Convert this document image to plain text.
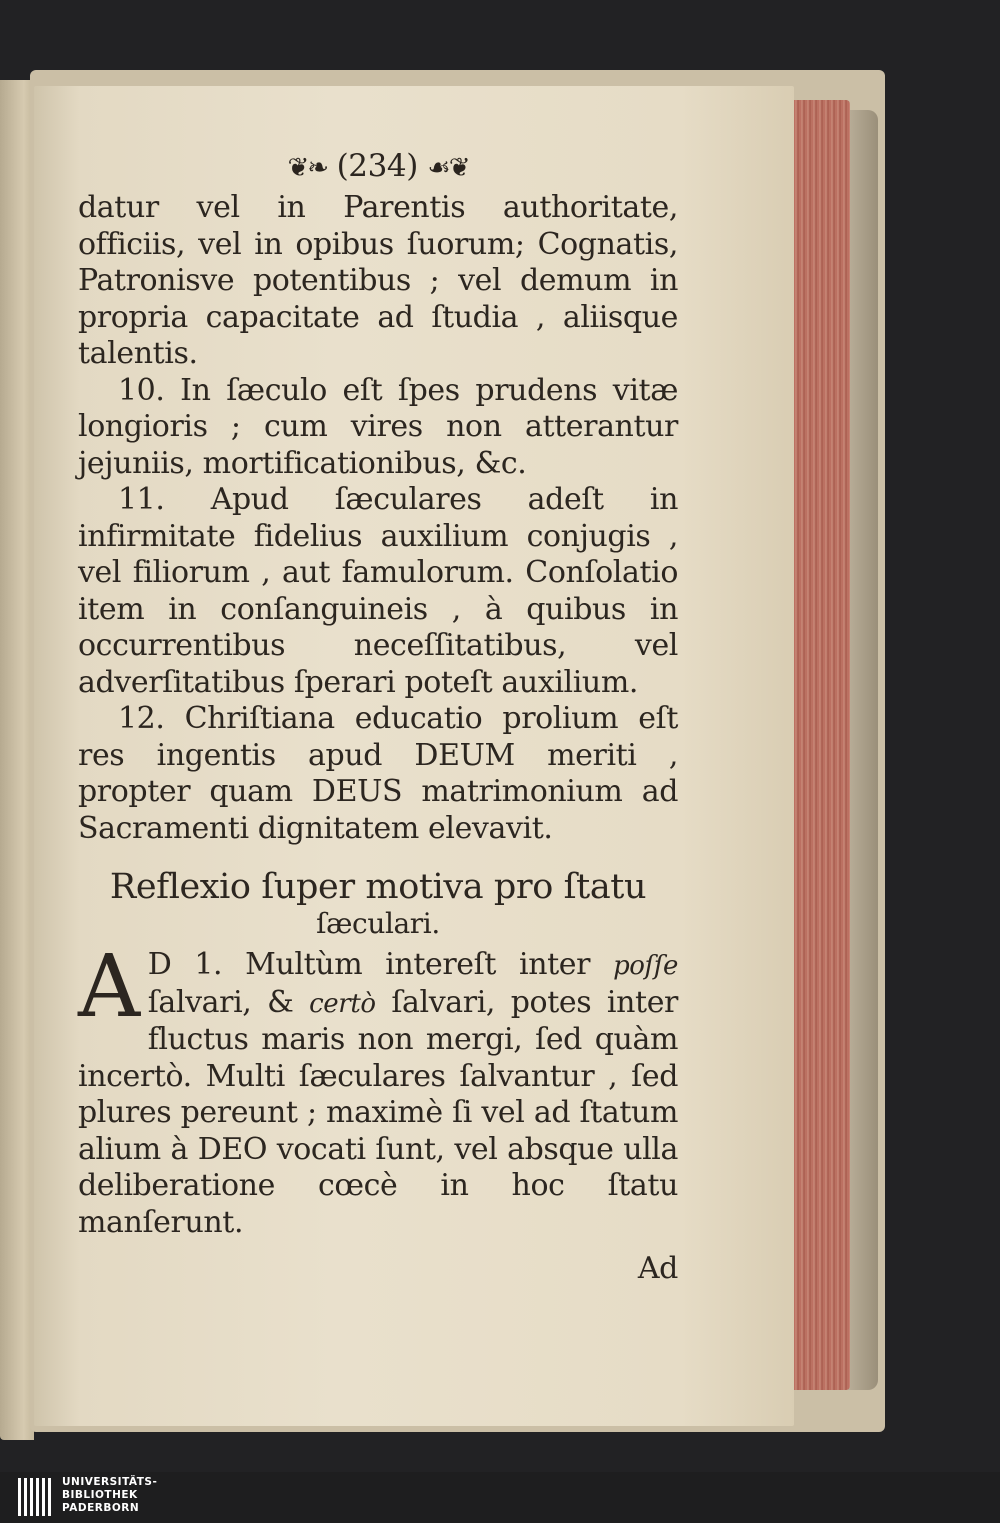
❦❧ (234) ☙❦

datur vel in Parentis authoritate, officiis, vel in opibus ſuorum; Cognatis, Patronisve potentibus ; vel demum in propria capacitate ad ſtudia , aliisque talentis.

10. In ſæculo eſt ſpes prudens vitæ longioris ; cum vires non atterantur jejuniis, mortificationibus, &c.

11. Apud ſæculares adeſt in infirmitate fidelius auxilium conjugis , vel filiorum , aut famulorum. Conſolatio item in conſanguineis , à quibus in occurrentibus neceſſitatibus, vel adverſitatibus ſperari poteſt auxilium.

12. Chriſtiana educatio prolium eſt res ingentis apud DEUM meriti , propter quam DEUS matrimonium ad Sacramenti dignitatem elevavit.

Reflexio ſuper motiva pro ſtatu
ſæculari.

A D 1. Multùm intereſt inter poſſe ſalvari, & certò ſalvari, potes inter fluctus maris non mergi, ſed quàm incertò. Multi ſæculares ſalvantur , ſed plures pereunt ; maximè ſi vel ad ſtatum alium à DEO vocati ſunt, vel absque ulla deliberatione cœcè in hoc ſtatu manſerunt.

Ad
UNIVERSITÄTS-
BIBLIOTHEK
PADERBORN
